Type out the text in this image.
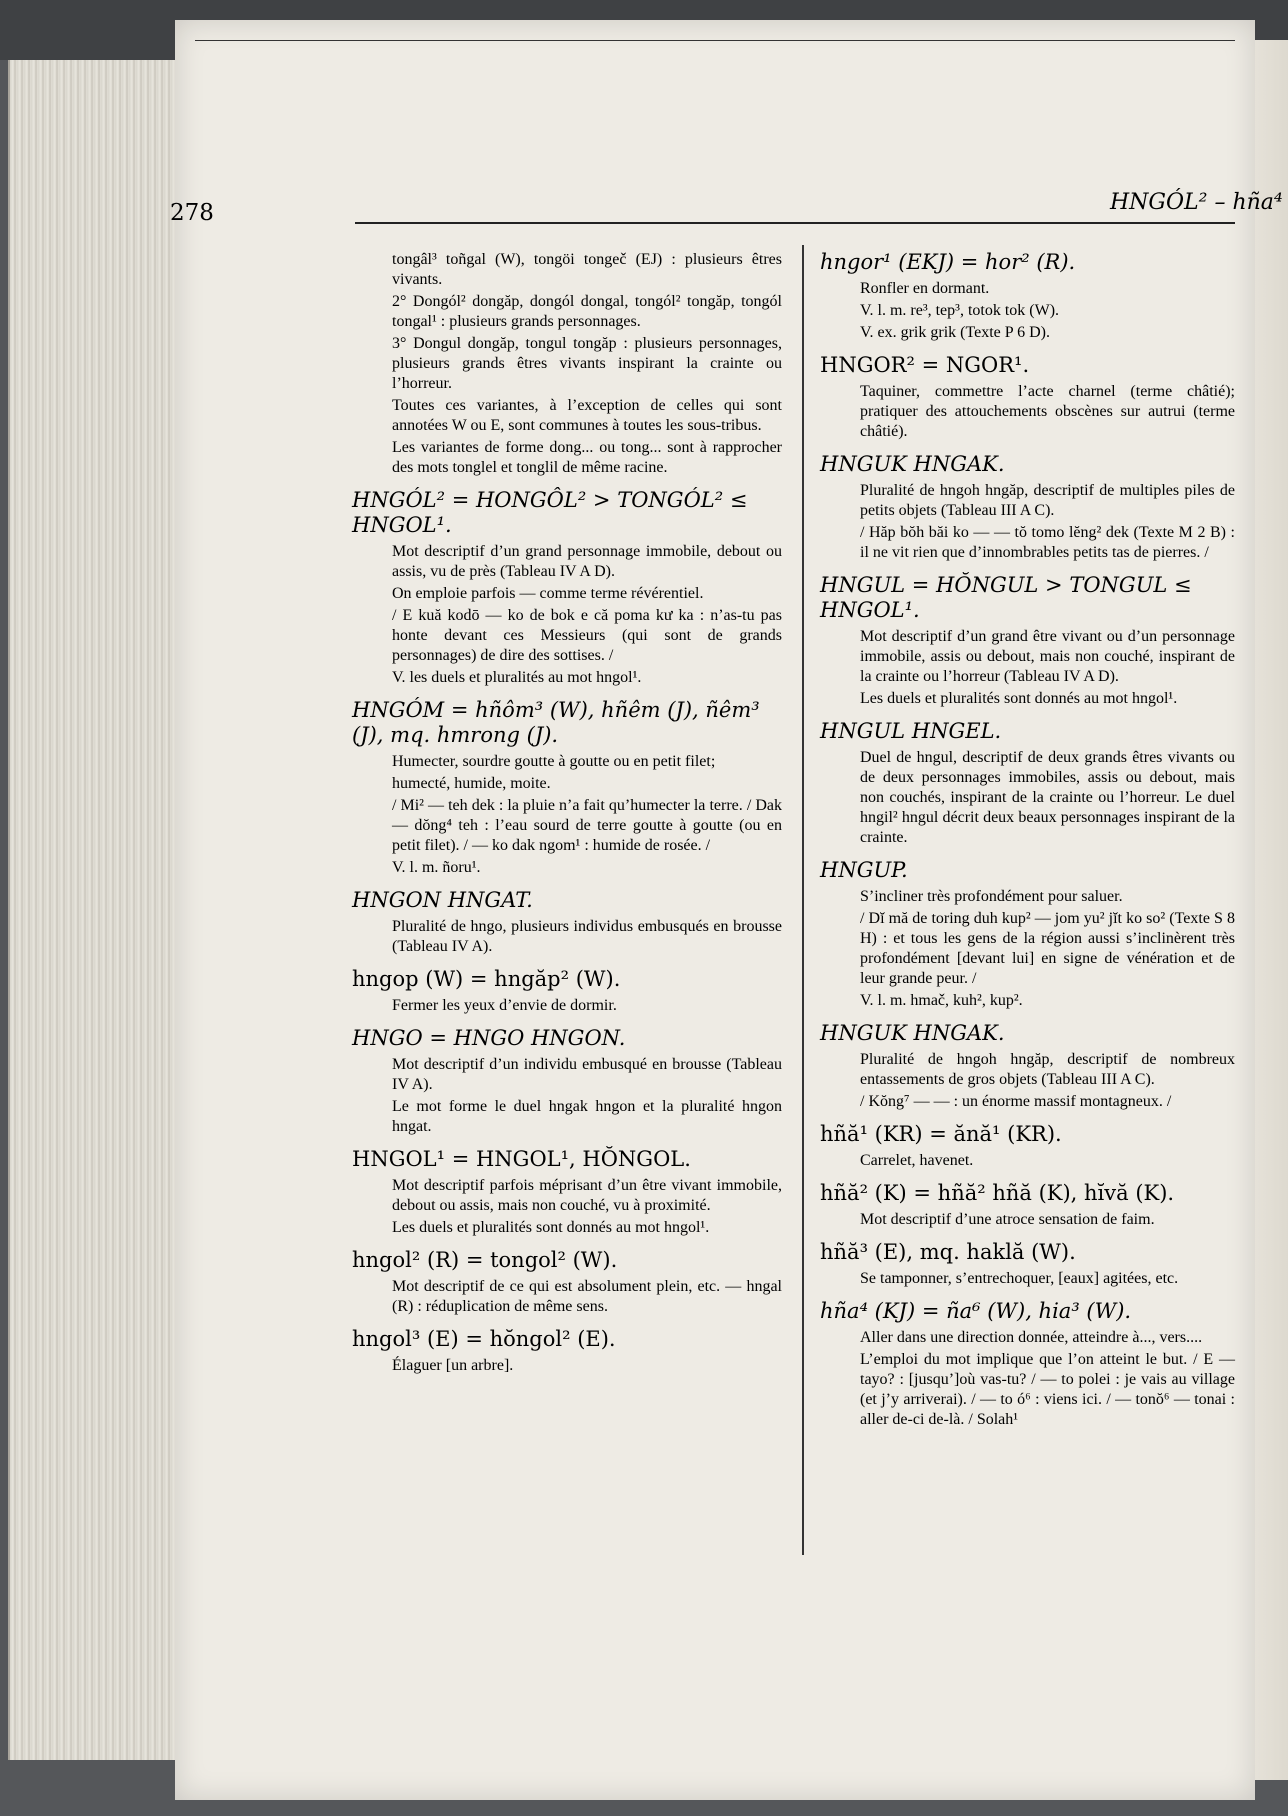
278	HNGÓL² – hña⁴

tongâl³ toñgal (W), tongöi tongeč (EJ) : plusieurs êtres vivants.

2° Dongól² dongăp, dongól dongal, tongól² tongăp, tongól tongal¹ : plusieurs grands personnages.

3° Dongul dongăp, tongul tongăp : plusieurs personnages, plusieurs grands êtres vivants inspirant la crainte ou l’horreur.

Toutes ces variantes, à l’exception de celles qui sont annotées W ou E, sont communes à toutes les sous-tribus.

Les variantes de forme dong... ou tong... sont à rapprocher des mots tonglel et tonglil de même racine.

HNGÓL² = HONGÔL² > TONGÓL² ≤ HNGOL¹.

Mot descriptif d’un grand personnage immobile, debout ou assis, vu de près (Tableau IV A D).

On emploie parfois — comme terme révérentiel.

/ E kuă kodō — ko de bok e că poma kư ka : n’as-tu pas honte devant ces Messieurs (qui sont de grands personnages) de dire des sottises. /

V. les duels et pluralités au mot hngol¹.

HNGÓM = hñôm³ (W), hñêm (J), ñêm³ (J), mq. hmrong (J).

Humecter, sourdre goutte à goutte ou en petit filet;

humecté, humide, moite.

/ Mi² — teh dek : la pluie n’a fait qu’humecter la terre. / Dak — dŏng⁴ teh : l’eau sourd de terre goutte à goutte (ou en petit filet). / — ko dak ngom¹ : humide de rosée. /

V. l. m. ñoru¹.

HNGON HNGAT.

Pluralité de hngo, plusieurs individus embusqués en brousse (Tableau IV A).

hngop (W) = hngăp² (W).

Fermer les yeux d’envie de dormir.

HNGO = HNGO HNGON.

Mot descriptif d’un individu embusqué en brousse (Tableau IV A).

Le mot forme le duel hngak hngon et la pluralité hngon hngat.

HNGOL¹ = HNGOL¹, HŎNGOL.

Mot descriptif parfois méprisant d’un être vivant immobile, debout ou assis, mais non couché, vu à proximité.

Les duels et pluralités sont donnés au mot hngol¹.

hngol² (R) = tongol² (W).

Mot descriptif de ce qui est absolument plein, etc. — hngal (R) : réduplication de même sens.

hngol³ (E) = hŏngol² (E).

Élaguer [un arbre].

hngor¹ (EKJ) = hor² (R).

Ronfler en dormant.

V. l. m. re³, tep³, totok tok (W).

V. ex. grik grik (Texte P 6 D).

HNGOR² = NGOR¹.

Taquiner, commettre l’acte charnel (terme châtié); pratiquer des attouchements obscènes sur autrui (terme châtié).

HNGUK HNGAK.

Pluralité de hngoh hngăp, descriptif de multiples piles de petits objets (Tableau III A C).

/ Hăp bŏh băi ko — — tŏ tomo lĕng² dek (Texte M 2 B) : il ne vit rien que d’innombrables petits tas de pierres. /

HNGUL = HŎNGUL > TONGUL ≤ HNGOL¹.

Mot descriptif d’un grand être vivant ou d’un personnage immobile, assis ou debout, mais non couché, inspirant de la crainte ou l’horreur (Tableau IV A D).

Les duels et pluralités sont donnés au mot hngol¹.

HNGUL HNGEL.

Duel de hngul, descriptif de deux grands êtres vivants ou de deux personnages immobiles, assis ou debout, mais non couchés, inspirant de la crainte ou l’horreur. Le duel hngil² hngul décrit deux beaux personnages inspirant de la crainte.

HNGUP.

S’incliner très profondément pour saluer.

/ Dĭ mă de toring duh kup² — jom yu² jĭt ko so² (Texte S 8 H) : et tous les gens de la région aussi s’inclinèrent très profondément [devant lui] en signe de vénération et de leur grande peur. /

V. l. m. hmač, kuh², kup².

HNGUK HNGAK.

Pluralité de hngoh hngăp, descriptif de nombreux entassements de gros objets (Tableau III A C).

/ Kŏng⁷ — — : un énorme massif montagneux. /

hñă¹ (KR) = ănă¹ (KR).

Carrelet, havenet.

hñă² (K) = hñă² hñă (K), hĭvă (K).

Mot descriptif d’une atroce sensation de faim.

hñă³ (E), mq. haklă (W).

Se tamponner, s’entrechoquer, [eaux] agitées, etc.

hña⁴ (KJ) = ña⁶ (W), hia³ (W).

Aller dans une direction donnée, atteindre à..., vers....

L’emploi du mot implique que l’on atteint le but. / E — tayo? : [jusqu’]où vas-tu? / — to polei : je vais au village (et j’y arriverai). / — to ó⁶ : viens ici. / — tonŏ⁶ — tonai : aller de-ci de-là. / Solah¹
